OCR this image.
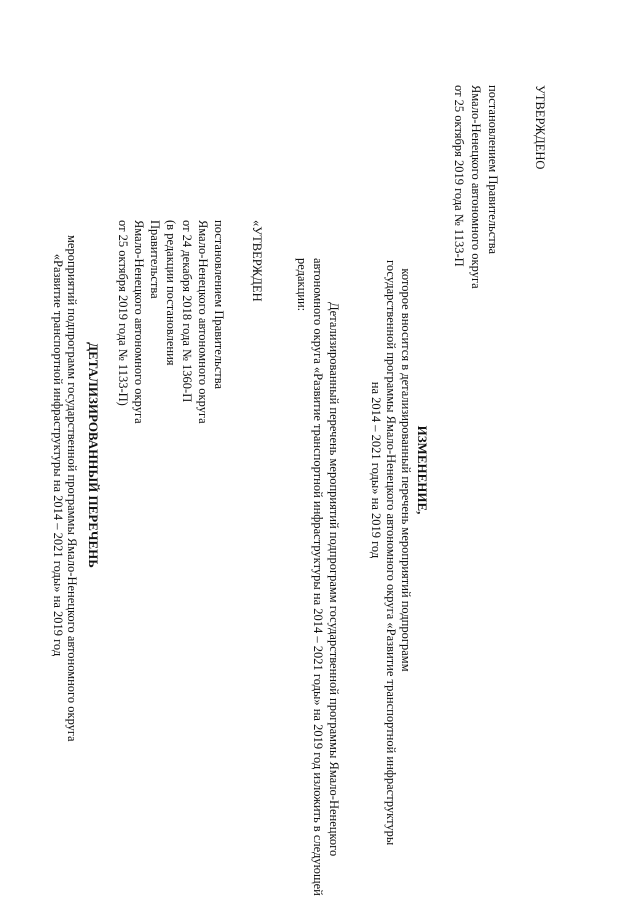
УТВЕРЖДЕНО
постановлением Правительства
Ямало-Ненецкого автономного округа
от 25 октября 2019 года № 1133-П
ИЗМЕНЕНИЕ,
которое вносится в детализированный перечень мероприятий подпрограмм
государственной программы Ямало-Ненецкого автономного округа «Развитие транспортной инфраструктуры
на 2014 – 2021 годы» на 2019 год
Детализированный перечень мероприятий подпрограмм государственной программы Ямало-Ненецкого
автономного округа «Развитие транспортной инфраструктуры на 2014 – 2021 годы» на 2019 год изложить в следующей
редакции:
«УТВЕРЖДЕН
постановлением Правительства
Ямало-Ненецкого автономного округа
от 24 декабря 2018 года № 1360-П
(в редакции постановления
Правительства
Ямало-Ненецкого автономного округа
от 25 октября 2019 года № 1133-П)
ДЕТАЛИЗИРОВАННЫЙ ПЕРЕЧЕНЬ
мероприятий подпрограмм государственной программы Ямало-Ненецкого автономного округа
«Развитие транспортной инфраструктуры на 2014 – 2021 годы» на 2019 год
